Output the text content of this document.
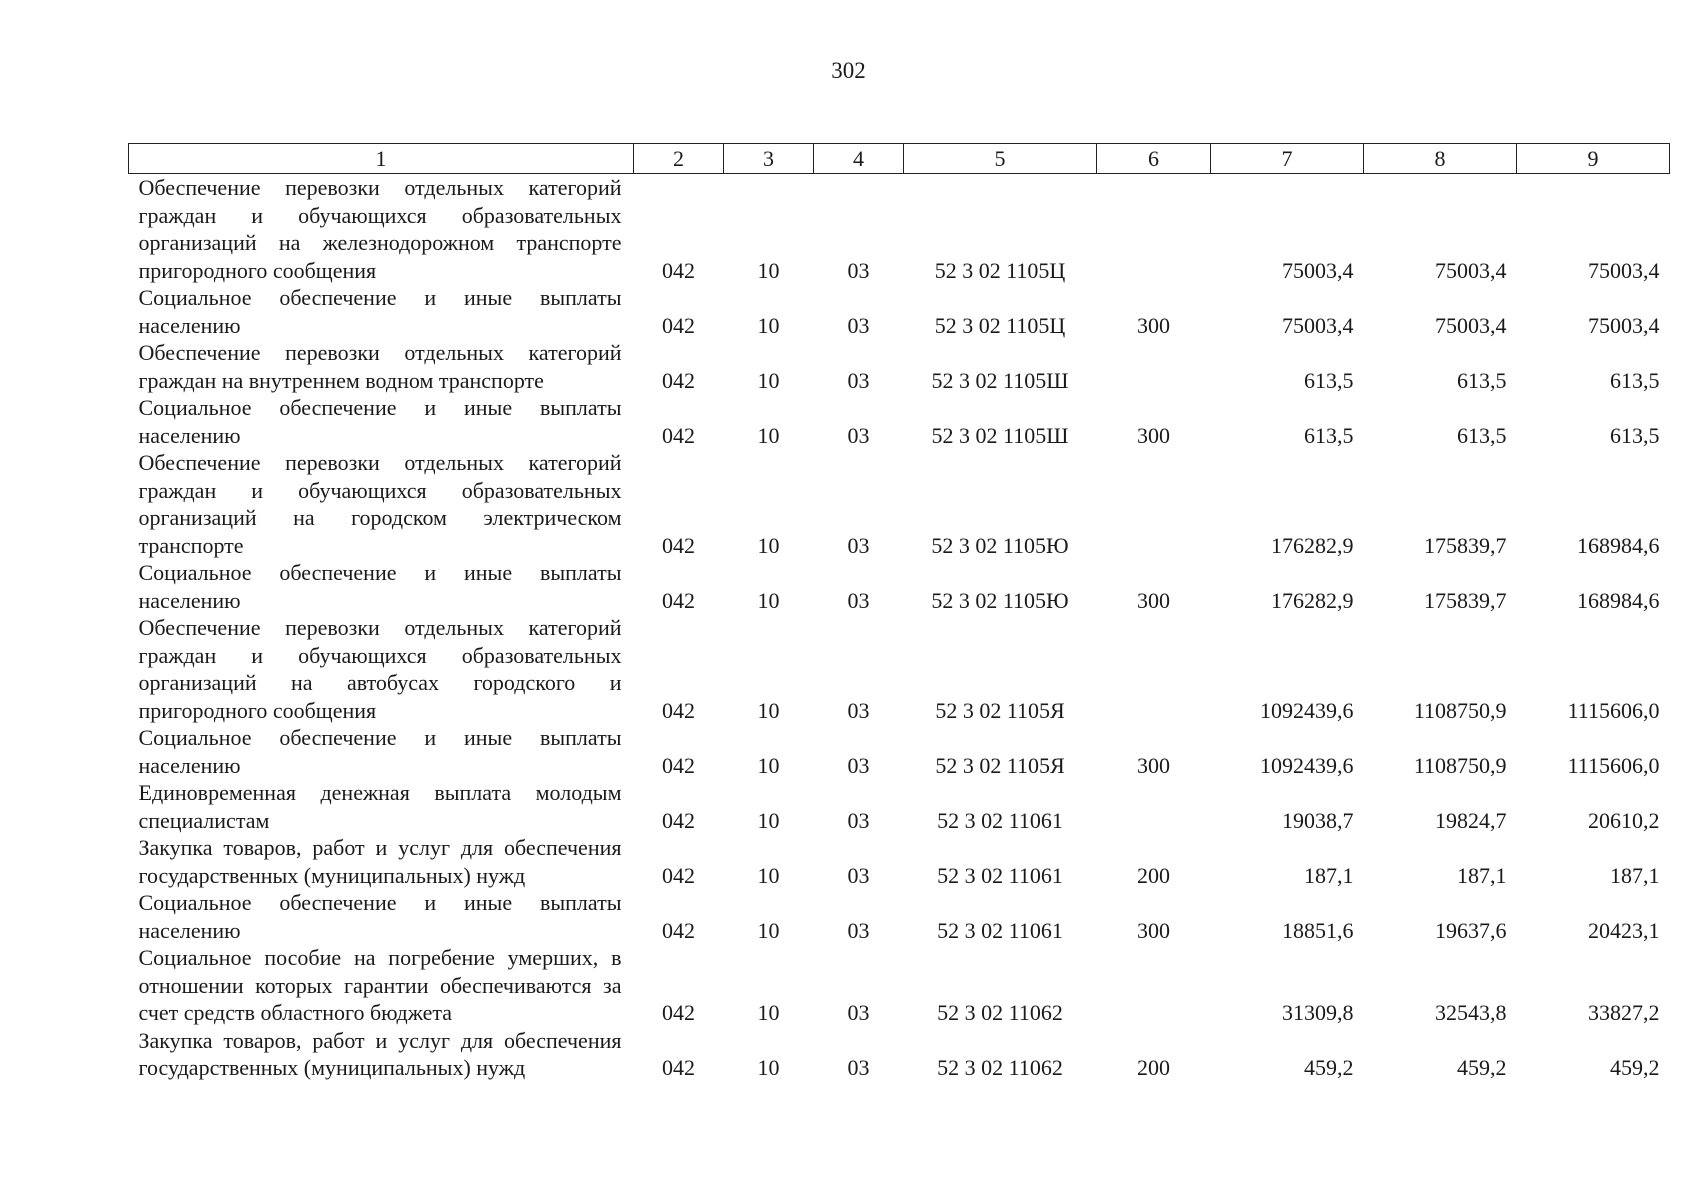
302
1	2	3	4	5	6	7	8	9
Обеспечение перевозки отдельных категорий граждан и обучающихся образовательных организаций на железнодорожном транспорте пригородного сообщения	042	10	03	52 3 02 1105Ц		75003,4	75003,4	75003,4
Социальное обеспечение и иные выплаты населению	042	10	03	52 3 02 1105Ц	300	75003,4	75003,4	75003,4
Обеспечение перевозки отдельных категорий граждан на внутреннем водном транспорте	042	10	03	52 3 02 1105Ш		613,5	613,5	613,5
Социальное обеспечение и иные выплаты населению	042	10	03	52 3 02 1105Ш	300	613,5	613,5	613,5
Обеспечение перевозки отдельных категорий граждан и обучающихся образовательных организаций на городском электрическом транспорте	042	10	03	52 3 02 1105Ю		176282,9	175839,7	168984,6
Социальное обеспечение и иные выплаты населению	042	10	03	52 3 02 1105Ю	300	176282,9	175839,7	168984,6
Обеспечение перевозки отдельных категорий граждан и обучающихся образовательных организаций на автобусах городского и пригородного сообщения	042	10	03	52 3 02 1105Я		1092439,6	1108750,9	1115606,0
Социальное обеспечение и иные выплаты населению	042	10	03	52 3 02 1105Я	300	1092439,6	1108750,9	1115606,0
Единовременная денежная выплата молодым специалистам	042	10	03	52 3 02 11061		19038,7	19824,7	20610,2
Закупка товаров, работ и услуг для обеспечения государственных (муниципальных) нужд	042	10	03	52 3 02 11061	200	187,1	187,1	187,1
Социальное обеспечение и иные выплаты населению	042	10	03	52 3 02 11061	300	18851,6	19637,6	20423,1
Социальное пособие на погребение умерших, в отношении которых гарантии обеспечиваются за счет средств областного бюджета	042	10	03	52 3 02 11062		31309,8	32543,8	33827,2
Закупка товаров, работ и услуг для обеспечения государственных (муниципальных) нужд	042	10	03	52 3 02 11062	200	459,2	459,2	459,2
